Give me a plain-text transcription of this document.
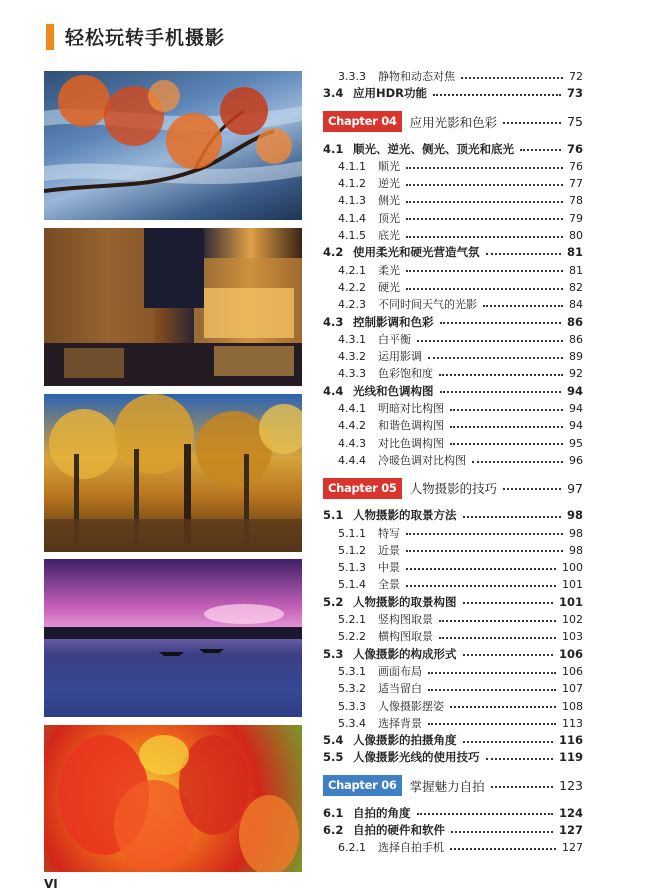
轻松玩转手机摄影
3.3.3	静物和动态对焦	72
3.4 应用HDR功能	73
Chapter 04	应用光影和色彩	75
4.1 顺光、逆光、侧光、顶光和底光	76
4.1.1	顺光	76
4.1.2	逆光	77
4.1.3	侧光	78
4.1.4	顶光	79
4.1.5	底光	80
4.2 使用柔光和硬光营造气氛	81
4.2.1	柔光	81
4.2.2	硬光	82
4.2.3	不同时间天气的光影	84
4.3 控制影调和色彩	86
4.3.1	白平衡	86
4.3.2	运用影调	89
4.3.3	色彩饱和度	92
4.4 光线和色调构图	94
4.4.1	明暗对比构图	94
4.4.2	和谐色调构图	94
4.4.3	对比色调构图	95
4.4.4	冷暖色调对比构图	96
Chapter 05	人物摄影的技巧	97
5.1 人物摄影的取景方法	98
5.1.1	特写	98
5.1.2	近景	98
5.1.3	中景	100
5.1.4	全景	101
5.2 人物摄影的取景构图	101
5.2.1	竖构图取景	102
5.2.2	横构图取景	103
5.3 人像摄影的构成形式	106
5.3.1	画面布局	106
5.3.2	适当留白	107
5.3.3	人像摄影摆姿	108
5.3.4	选择背景	113
5.4 人像摄影的拍摄角度	116
5.5 人像摄影光线的使用技巧	119
Chapter 06	掌握魅力自拍	123
6.1 自拍的角度	124
6.2 自拍的硬件和软件	127
6.2.1	选择自拍手机	127
VI
